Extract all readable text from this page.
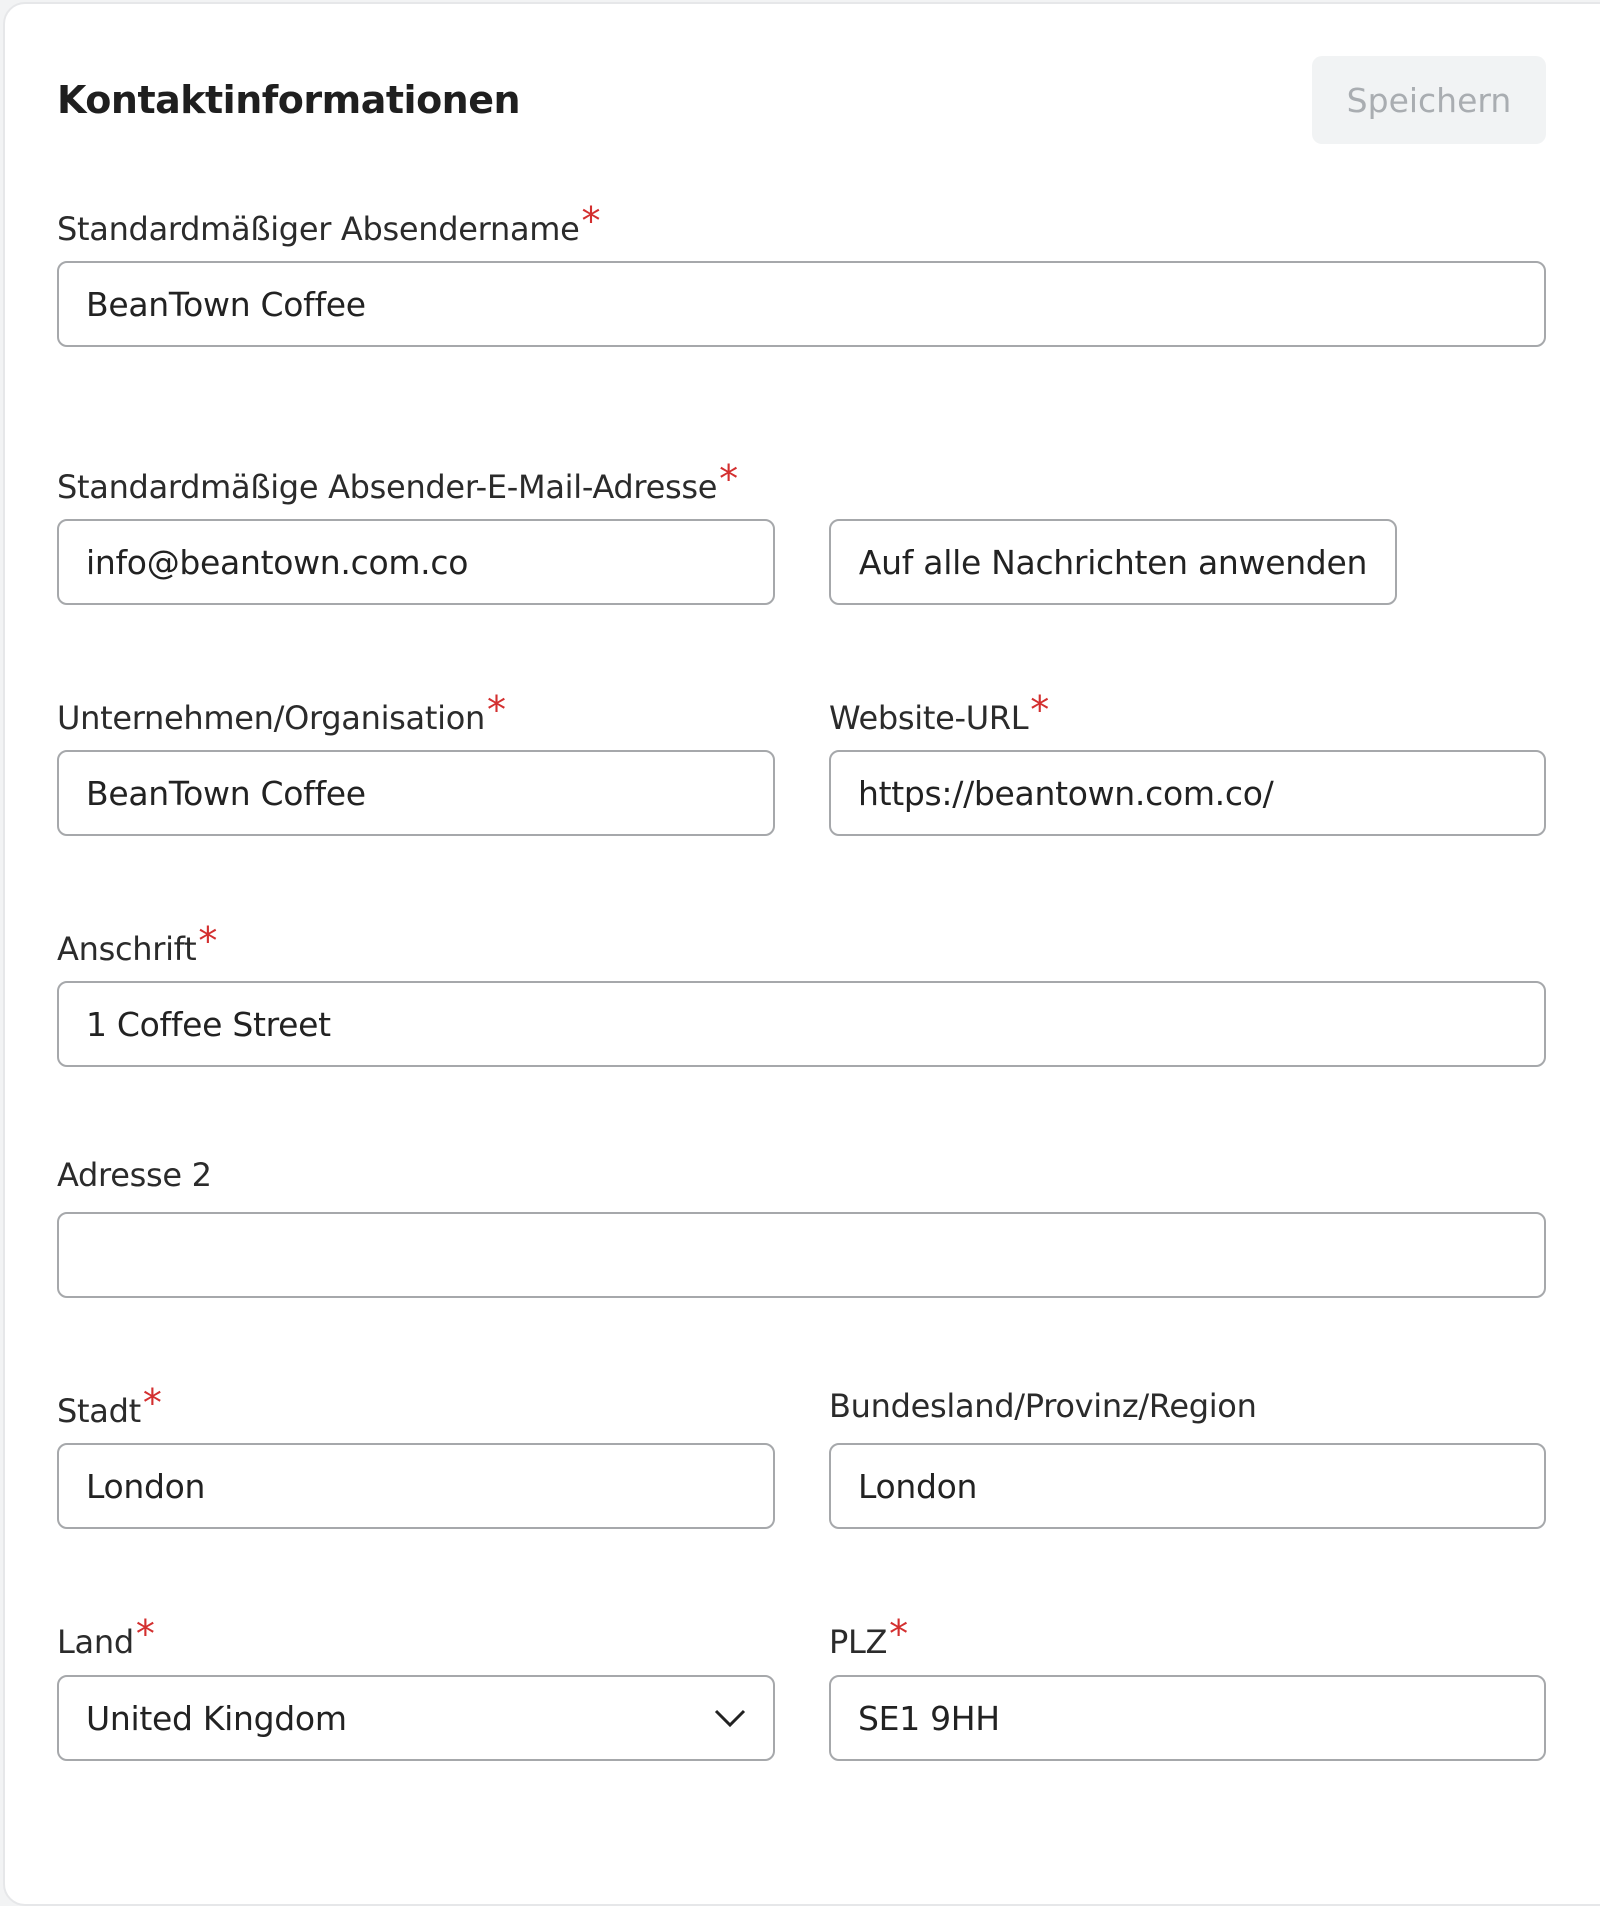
Kontaktinformationen	Speichern
Standardmäßiger Absendername*
BeanTown Coffee
Standardmäßige Absender-E-Mail-Adresse*
info@beantown.com.co	Auf alle Nachrichten anwenden
Unternehmen/Organisation*
BeanTown Coffee
Website-URL*
https://beantown.com.co/
Anschrift*
1 Coffee Street
Adresse 2
Stadt*
London
Bundesland/Provinz/Region
London
Land*
United Kingdom
PLZ*
SE1 9HH
